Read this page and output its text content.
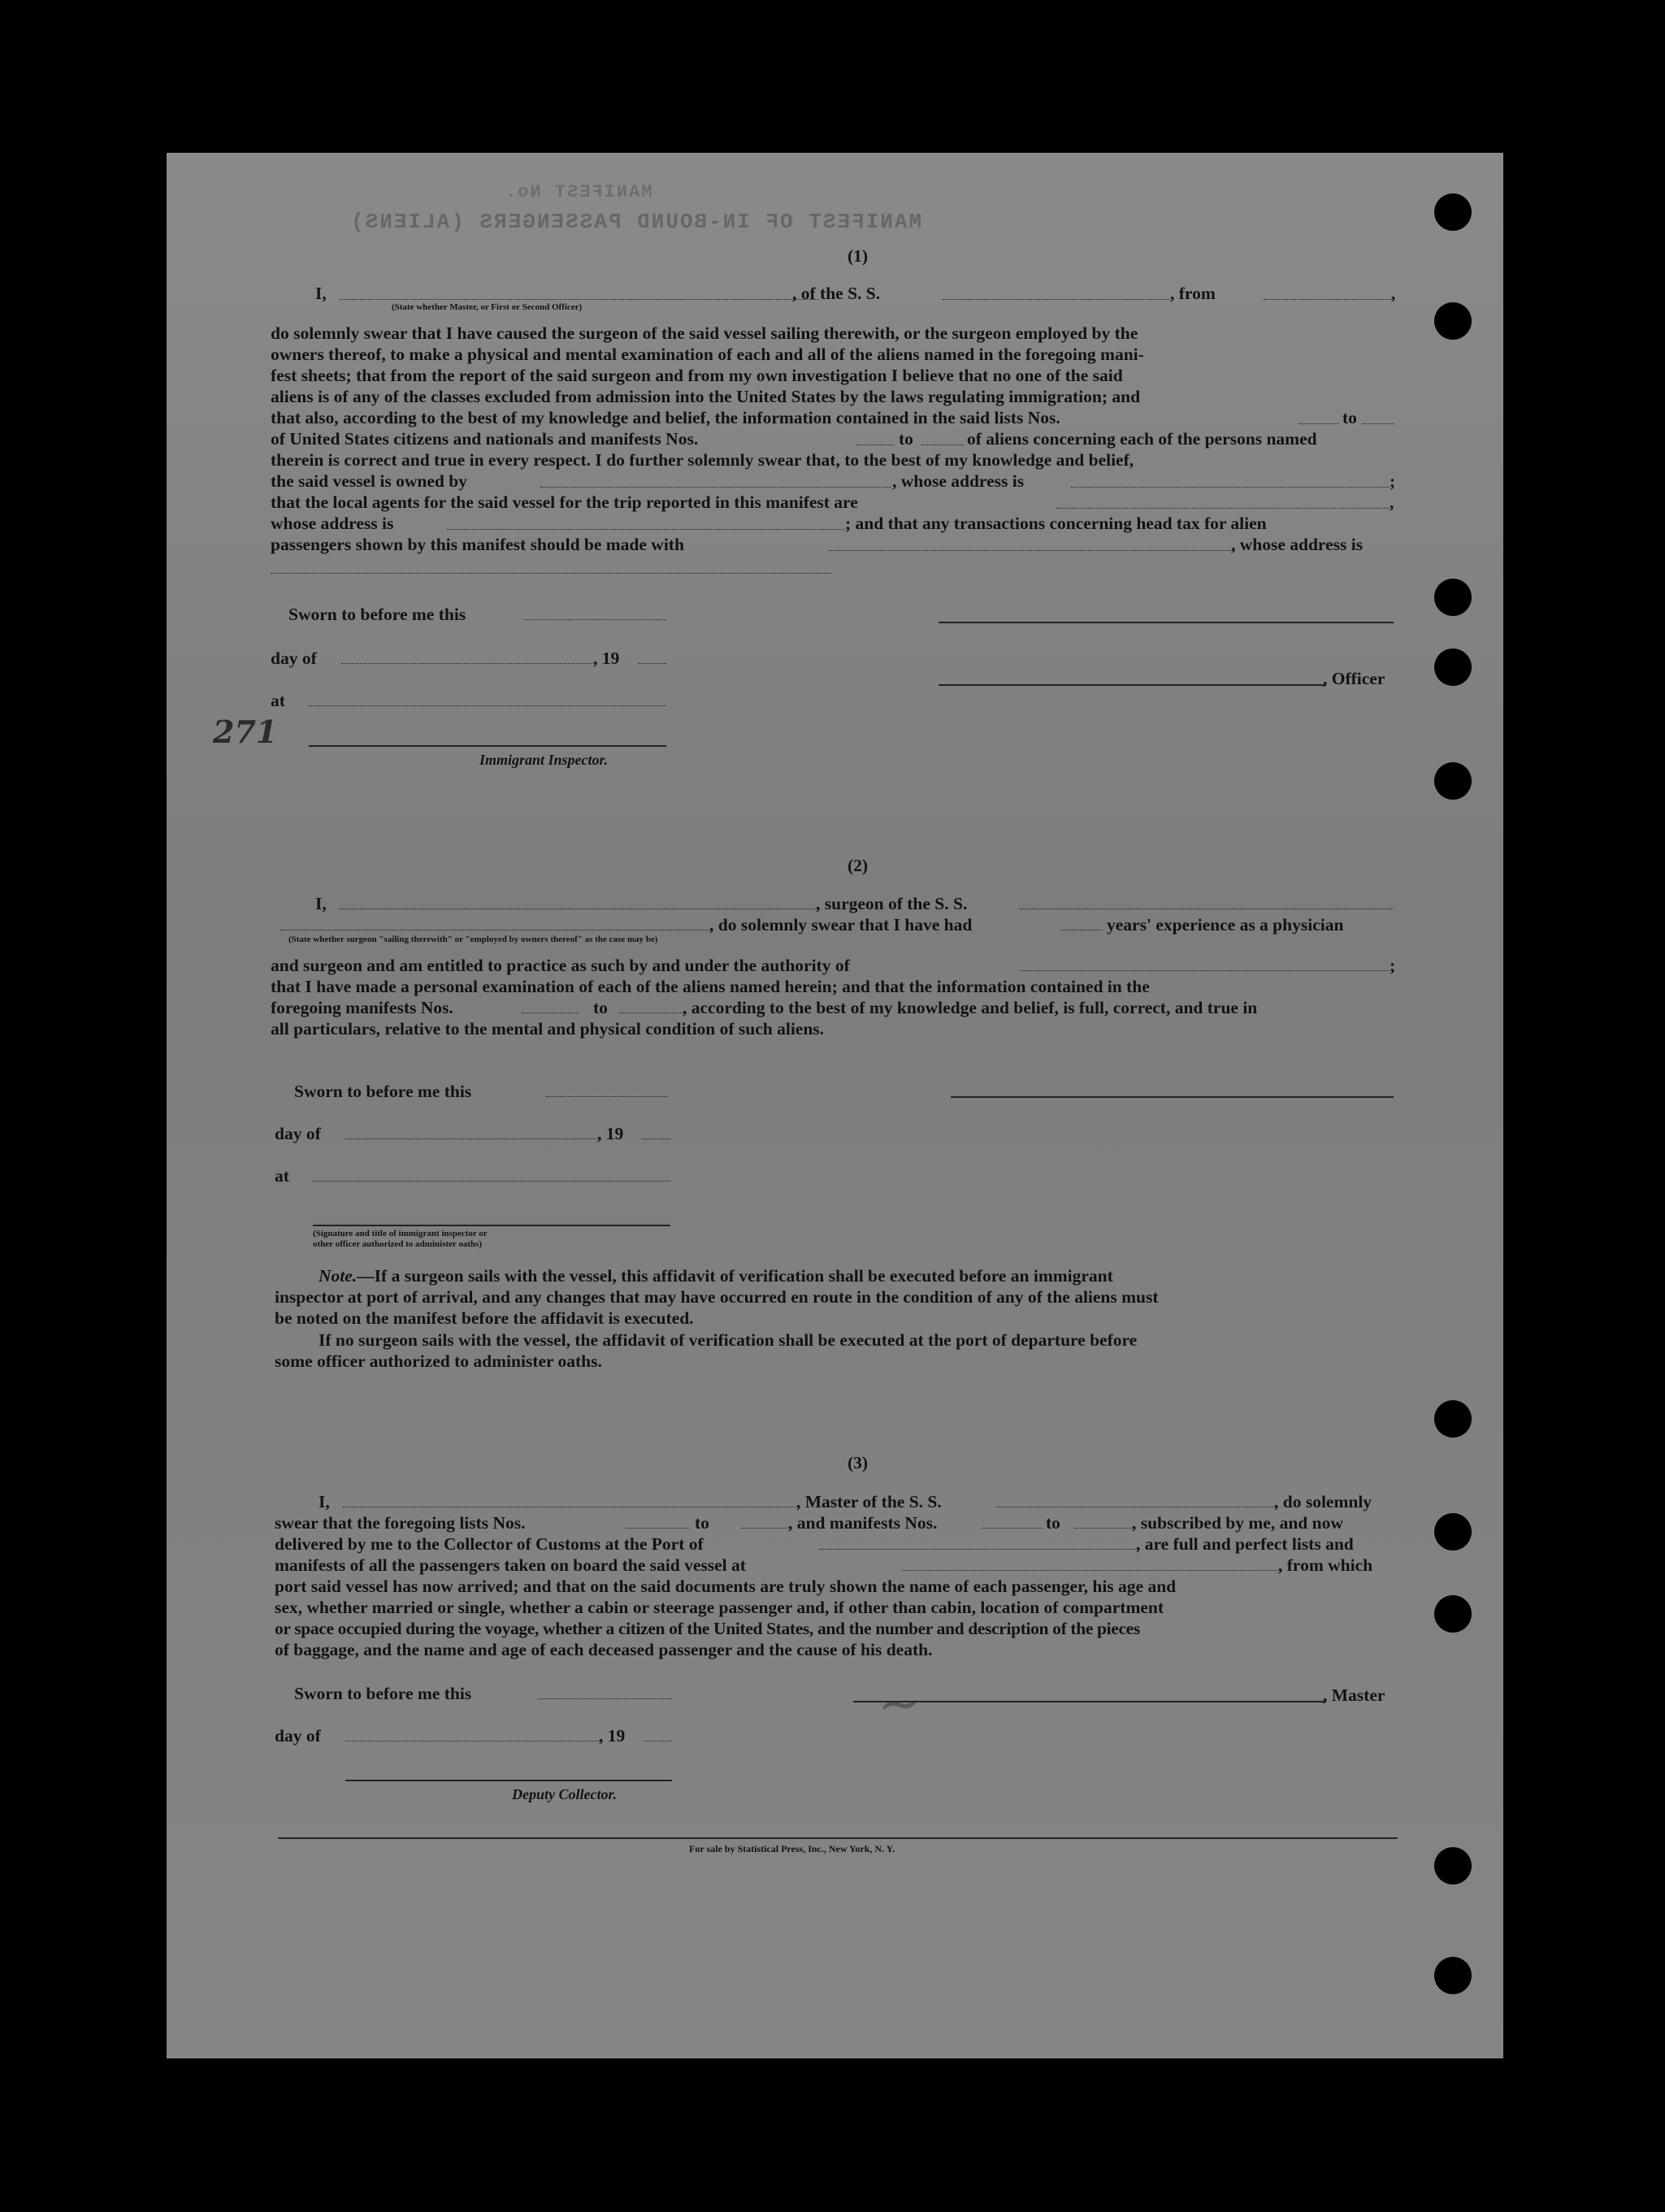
MANIFEST OF IN-BOUND PASSENGERS (ALIENS)
MANIFEST No.
(1)
I,	, of the S. S.	, from	,
(State whether Master, or First or Second Officer)
do solemnly swear that I have caused the surgeon of the said vessel sailing therewith, or the surgeon employed by the
owners thereof, to make a physical and mental examination of each and all of the aliens named in the foregoing mani-
fest sheets; that from the report of the said surgeon and from my own investigation I believe that no one of the said
aliens is of any of the classes excluded from admission into the United States by the laws regulating immigration; and
that also, according to the best of my knowledge and belief, the information contained in the said lists Nos.	to
of United States citizens and nationals and manifests Nos.	to	of aliens concerning each of the persons named
therein is correct and true in every respect. I do further solemnly swear that, to the best of my knowledge and belief,
the said vessel is owned by	, whose address is	;
that the local agents for the said vessel for the trip reported in this manifest are	,
whose address is	; and that any transactions concerning head tax for alien
passengers shown by this manifest should be made with	, whose address is
Sworn to before me this
day of	, 19
, Officer
at
271
Immigrant Inspector.
(2)
I,	, surgeon of the S. S.
, do solemnly swear that I have had	years' experience as a physician
(State whether surgeon "sailing therewith" or "employed by owners thereof" as the case may be)
and surgeon and am entitled to practice as such by and under the authority of	;
that I have made a personal examination of each of the aliens named herein; and that the information contained in the
foregoing manifests Nos.	to	, according to the best of my knowledge and belief, is full, correct, and true in
all particulars, relative to the mental and physical condition of such aliens.
Sworn to before me this
day of	, 19
at
(Signature and title of immigrant inspector or
other officer authorized to administer oaths)
Note.—If a surgeon sails with the vessel, this affidavit of verification shall be executed before an immigrant
inspector at port of arrival, and any changes that may have occurred en route in the condition of any of the aliens must
be noted on the manifest before the affidavit is executed.
If no surgeon sails with the vessel, the affidavit of verification shall be executed at the port of departure before
some officer authorized to administer oaths.
(3)
I,	, Master of the S. S.	, do solemnly
swear that the foregoing lists Nos.	to	, and manifests Nos.	to	, subscribed by me, and now
delivered by me to the Collector of Customs at the Port of	, are full and perfect lists and
manifests of all the passengers taken on board the said vessel at	, from which
port said vessel has now arrived; and that on the said documents are truly shown the name of each passenger, his age and
sex, whether married or single, whether a cabin or steerage passenger and, if other than cabin, location of compartment
or space occupied during the voyage, whether a citizen of the United States, and the number and description of the pieces
of baggage, and the name and age of each deceased passenger and the cause of his death.
Sworn to before me this	~	, Master
day of	, 19
Deputy Collector.
For sale by Statistical Press, Inc., New York, N. Y.
